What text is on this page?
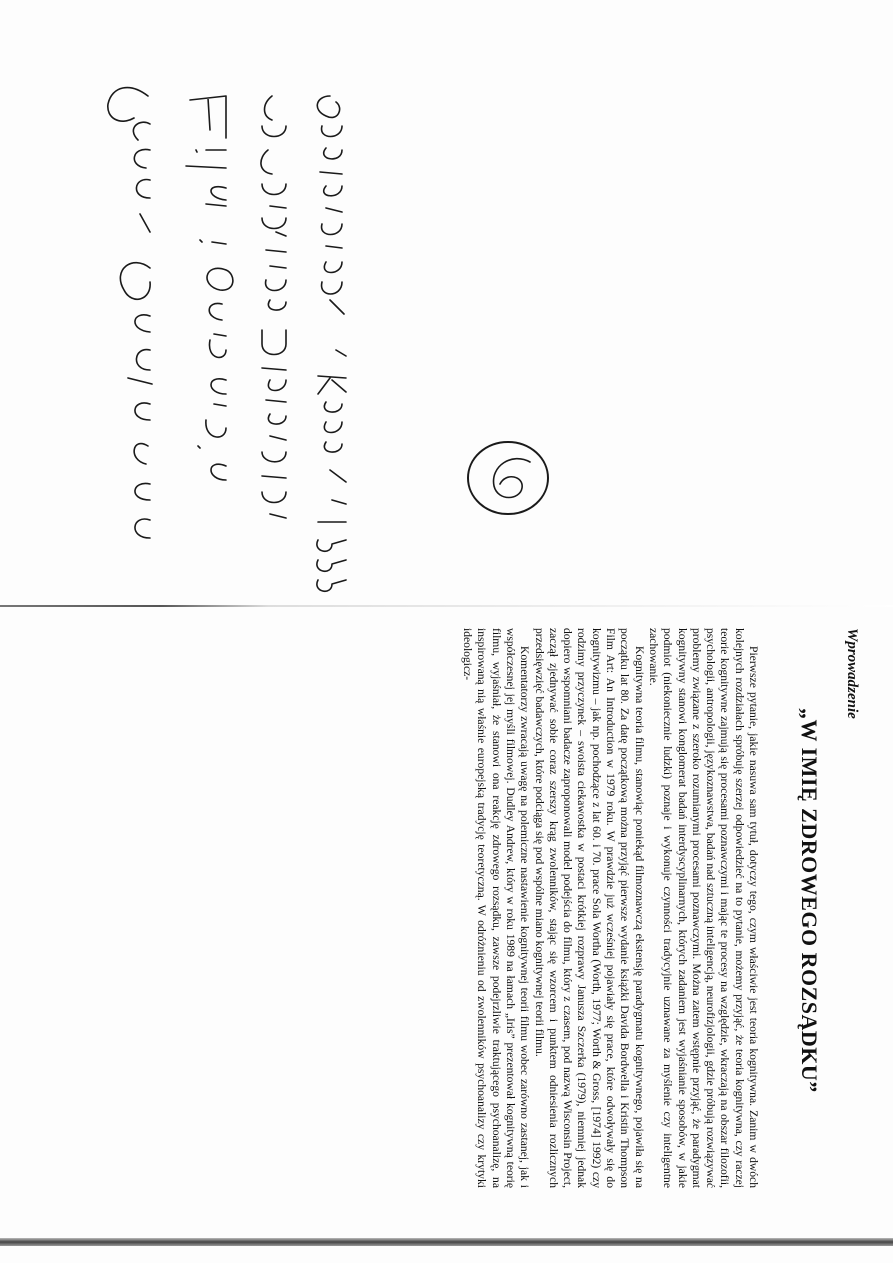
Wprowadzenie
„W IMIĘ ZDROWEGO ROZSĄDKU”

Pierwsze pytanie, jakie nasuwa sam tytuł, dotyczy tego, czym właściwie jest teoria kognitywna. Zanim w dwóch kolejnych rozdziałach spróbuję szerzej odpowiedzieć na to pytanie, możemy przyjąć, że teoria kognitywna, czy raczej teorie kognitywne zajmują się procesami poznawczymi i mając te procesy na względzie, wkraczają na obszar filozofii, psychologii, antropologii, językoznawstwa, badań nad sztuczną inteligencją, neurofizjologii, gdzie próbują rozwiązywać problemy związane z szeroko rozumianymi procesami poznawczymi. Można zatem wstępnie przyjąć, że paradygmat kognitywny stanowi konglomerat badań interdyscyplinarnych, których zadaniem jest wyjaśnianie sposobów, w jakie podmiot (niekoniecznie ludzki) poznaje i wykonuje czynności tradycyjnie uznawane za myślenie czy inteligentne zachowanie.

Kognitywna teoria filmu, stanowiąc poniekąd filmoznawczą ekstensję paradygmatu kognitywnego, pojawiła się na początku lat 80. Za datę początkową można przyjąć pierwsze wydanie książki Davida Bordwella i Kristin Thompson Film Art: An Introduction w 1979 roku. W prawdzie już wcześniej pojawiały się prace, które odwoływały się do kognitywizmu – jak np. pochodzące z lat 60. i 70. prace Sola Wortha (Worth, 1977; Worth & Gross, [1974] 1992) czy rodzimy przyczynek – swoista ciekawostka w postaci krótkiej rozprawy Janusza Szczerka (1979), niemniej jednak dopiero wspomniani badacze zaproponowali model podejścia do filmu, który z czasem, pod nazwą Wisconsin Project, zaczął zjednywać sobie coraz szerszy krąg zwolenników, stając się wzorcem i punktem odniesienia rozlicznych przedsięwzięć badawczych, które podciąga się pod wspólne miano kognitywnej teorii filmu.

Komentatorzy zwracają uwagę na polemiczne nastawienie kognitywnej teorii filmu wobec zarówno zastanej, jak i współczesnej jej myśli filmowej. Dudley Andrew, który w roku 1989 na łamach „Iris” prezentował kognitywną teorię filmu, wyjaśniał, że stanowi ona reakcję zdrowego rozsądku, zawsze podejrzliwie traktującego psychoanalizę, na inspirowaną nią właśnie europejską tradycję teoretyczną. W odróżnieniu od zwolenników psychoanalizy czy krytyki ideologicz-
